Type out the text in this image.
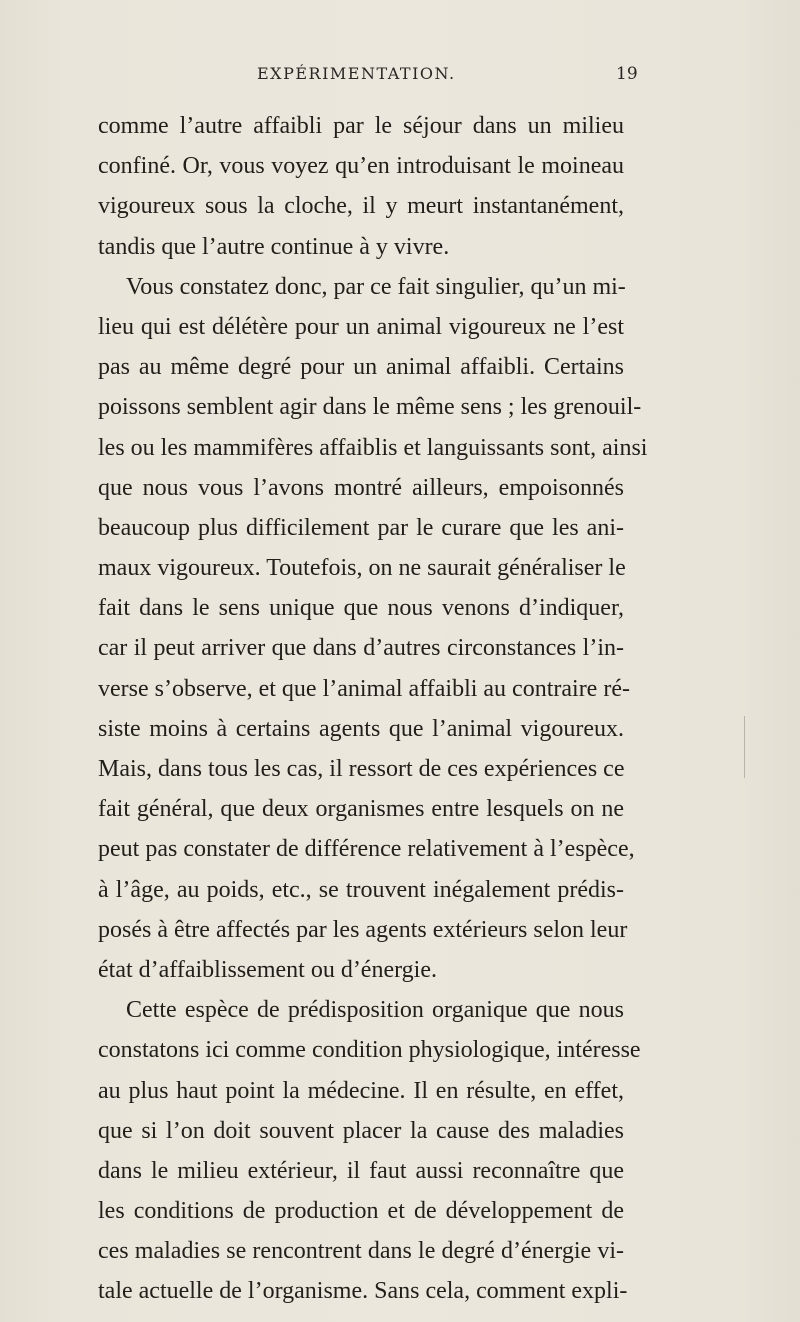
EXPÉRIMENTATION.	19
comme l’autre affaibli par le séjour dans un milieu
confiné. Or, vous voyez qu’en introduisant le moineau
vigoureux sous la cloche, il y meurt instantanément,
tandis que l’autre continue à y vivre.
Vous constatez donc, par ce fait singulier, qu’un mi-
lieu qui est délétère pour un animal vigoureux ne l’est
pas au même degré pour un animal affaibli. Certains
poissons semblent agir dans le même sens ; les grenouil-
les ou les mammifères affaiblis et languissants sont, ainsi
que nous vous l’avons montré ailleurs, empoisonnés
beaucoup plus difficilement par le curare que les ani-
maux vigoureux. Toutefois, on ne saurait généraliser le
fait dans le sens unique que nous venons d’indiquer,
car il peut arriver que dans d’autres circonstances l’in-
verse s’observe, et que l’animal affaibli au contraire ré-
siste moins à certains agents que l’animal vigoureux.
Mais, dans tous les cas, il ressort de ces expériences ce
fait général, que deux organismes entre lesquels on ne
peut pas constater de différence relativement à l’espèce,
à l’âge, au poids, etc., se trouvent inégalement prédis-
posés à être affectés par les agents extérieurs selon leur
état d’affaiblissement ou d’énergie.
Cette espèce de prédisposition organique que nous
constatons ici comme condition physiologique, intéresse
au plus haut point la médecine. Il en résulte, en effet,
que si l’on doit souvent placer la cause des maladies
dans le milieu extérieur, il faut aussi reconnaître que
les conditions de production et de développement de
ces maladies se rencontrent dans le degré d’énergie vi-
tale actuelle de l’organisme. Sans cela, comment expli-
